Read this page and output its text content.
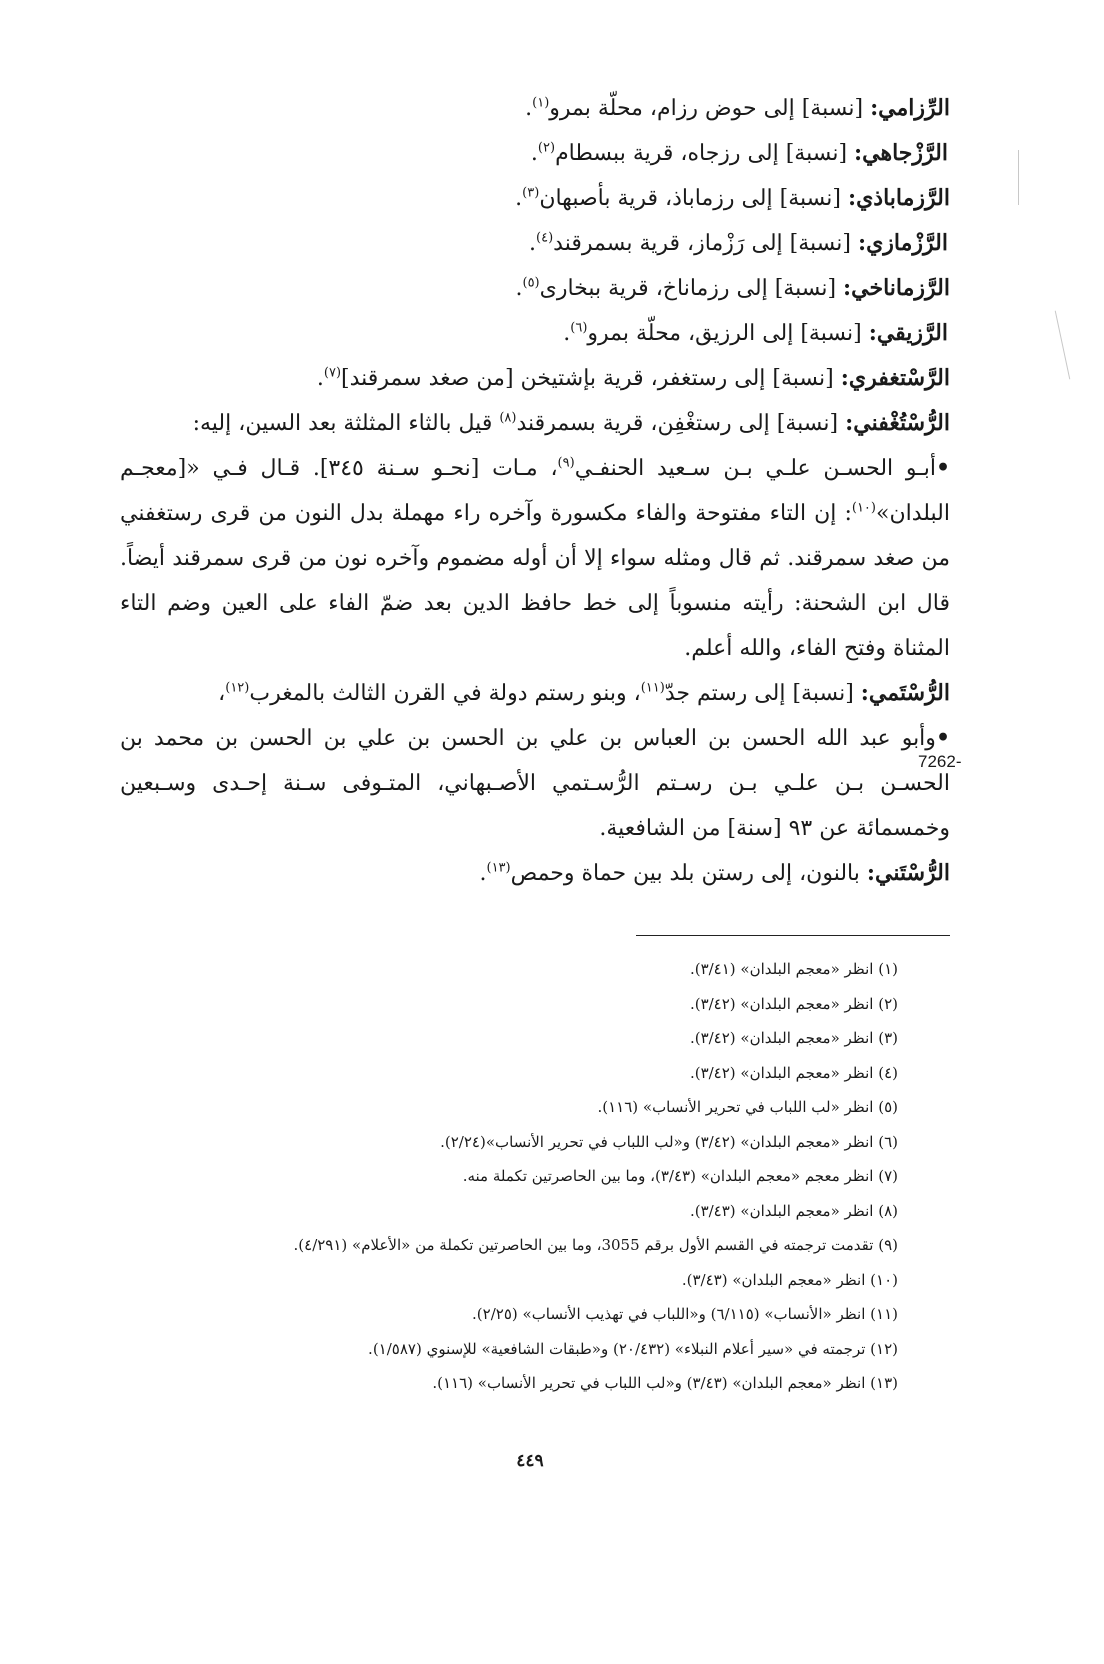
الرِّزامي: [نسبة] إلى حوض رزام، محلّة بمرو$^{(١)}$.

الرَّزْجاهي: [نسبة] إلى رزجاه، قرية ببسطام$^{(٢)}$.

الرَّزماباذي: [نسبة] إلى رزماباذ، قرية بأصبهان$^{(٣)}$.

الرَّزْمازي: [نسبة] إلى رَزْماز، قرية بسمرقند$^{(٤)}$.

الرَّزماناخي: [نسبة] إلى رزماناخ، قرية ببخارى$^{(٥)}$.

الرَّزيقي: [نسبة] إلى الرزيق، محلّة بمرو$^{(٦)}$.

الرَّسْتغفري: [نسبة] إلى رستغفر، قرية بإشتيخن [من صغد سمرقند]$^{(٧)}$.

الرُّسْتُغْفني: [نسبة] إلى رستغْفِن، قرية بسمرقند$^{(٨)}$ قيل بالثاء المثلثة بعد السين، إليه:

•أبـو الحسـن علـي بـن سـعيد الحنفـي$^{(٩)}$، مـات [نحـو سـنة ٣٤٥]. قـال فـي «[معجـم البلدان»$^{(١٠)}$: إن التاء مفتوحة والفاء مكسورة وآخره راء مهملة بدل النون من قرى رستغفني من صغد سمرقند. ثم قال ومثله سواء إلا أن أوله مضموم وآخره نون من قرى سمرقند أيضاً. قال ابن الشحنة: رأيته منسوباً إلى خط حافظ الدين بعد ضمّ الفاء على العين وضم التاء المثناة وفتح الفاء، والله أعلم.

الرُّسْتَمي: [نسبة] إلى رستم جدّ$^{(١١)}$، وبنو رستم دولة في القرن الثالث بالمغرب$^{(١٢)}$،

•وأبو عبد الله الحسن بن العباس بن علي بن الحسن بن علي بن الحسن بن محمد بن الحسـن بـن علـي بـن رسـتم الرُّسـتمي الأصـبهاني، المتـوفى سـنة إحـدى وسـبعين وخمسمائة عن ٩٣ [سنة] من الشافعية.

الرُّسْتَني: بالنون، إلى رستن بلد بين حماة وحمص$^{(١٣)}$.

7262-

(١) انظر «معجم البلدان» (٣/٤١).

(٢) انظر «معجم البلدان» (٣/٤٢).

(٣) انظر «معجم البلدان» (٣/٤٢).

(٤) انظر «معجم البلدان» (٣/٤٢).

(٥) انظر «لب اللباب في تحرير الأنساب» (١١٦).

(٦) انظر «معجم البلدان» (٣/٤٢) و«لب اللباب في تحرير الأنساب»(٢/٢٤).

(٧) انظر معجم «معجم البلدان» (٣/٤٣)، وما بين الحاصرتين تكملة منه.

(٨) انظر «معجم البلدان» (٣/٤٣).

(٩) تقدمت ترجمته في القسم الأول برقم 3055، وما بين الحاصرتين تكملة من «الأعلام» (٤/٢٩١).

(١٠) انظر «معجم البلدان» (٣/٤٣).

(١١) انظر «الأنساب» (٦/١١٥) و«اللباب في تهذيب الأنساب» (٢/٢٥).

(١٢) ترجمته في «سير أعلام النبلاء» (٢٠/٤٣٢) و«طبقات الشافعية» للإسنوي (١/٥٨٧).

(١٣) انظر «معجم البلدان» (٣/٤٣) و«لب اللباب في تحرير الأنساب» (١١٦).

٤٤٩
